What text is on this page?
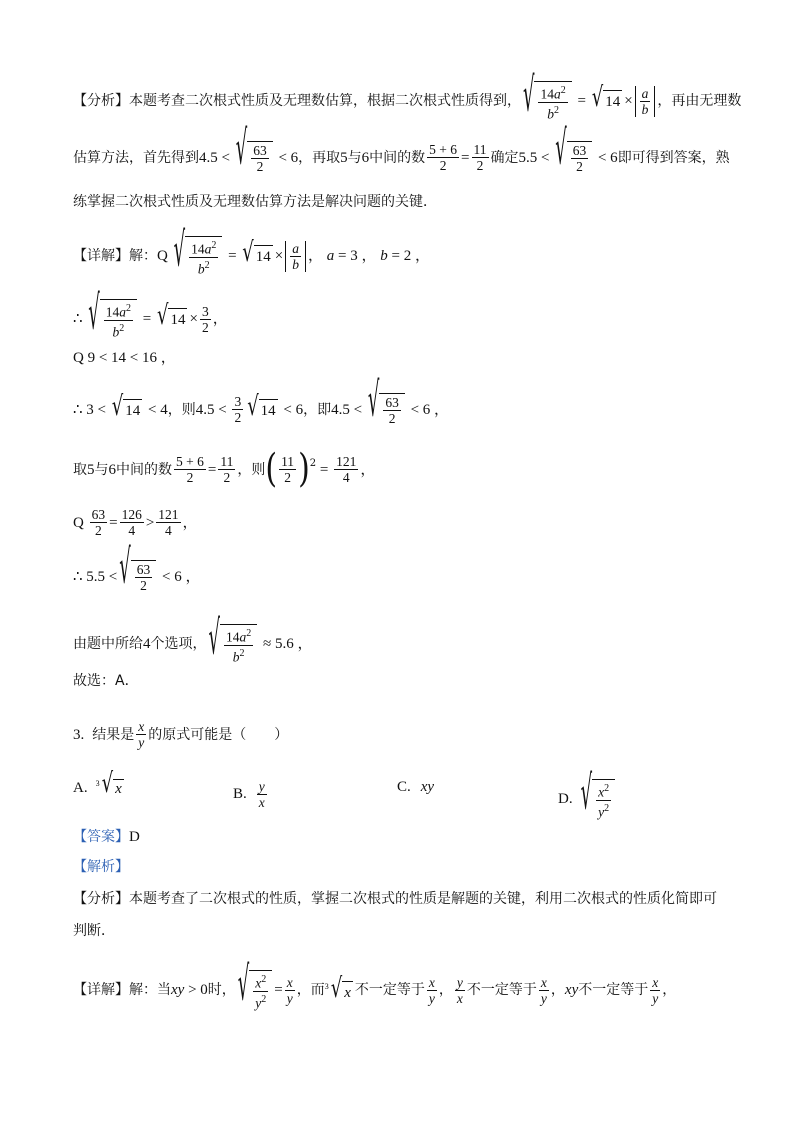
【分析】 本题考查二次根式性质及无理数估算，根据二次根式性质得到， √ $\frac{14a^2}{b^2}$ = √ $14 \times \frac{a}{b}$ ，再由无理数
估算方法，首先得到 4.5 < √ $\frac{63}{2} < 6$ ，再取 5 与 6 中间的数 $\frac{5 + 6}{2} = \frac{11}{2}$ 确定 5.5 < √ $\frac{63}{2} < 6$ 即可得到答案，熟
练掌握二次根式性质及无理数估算方法是解决问题的关键．
【详解】 解： Q √ $\frac{14a^2}{b^2}$ = √ $14 \times \frac{a}{b}$ ， a = 3 ， b = 2 ，
∴ √ $\frac{14a^2}{b^2}$ = √ $14 \times \frac{3}{2}$ ，
Q 9 < 14 < 16 ，
∴ 3 < √ 14 < 4 ，则 $4.5 < \frac{3}{2}$ √ 14 < 6 ，即 4.5 < √ $\frac{63}{2} < 6$ ，
取 5 与 6 中间的数 $\frac{5 + 6}{2} = \frac{11}{2}$ ，则 ( $\frac{11}{2}$ ) $2 = \frac{121}{4}$ ，
Q $\frac{63}{2} = \frac{126}{4} > \frac{121}{4}$ ，
∴ 5.5 < √ $\frac{63}{2} < 6$ ，
由题中所给 4 个选项， √ $\frac{14a^2}{b^2} \approx 5.6$ ，
故选：A．
3. 结果是 $\frac{x}{y}$ 的原式可能是（　　）
A. $^3$ √ x	B. $\frac{y}{x}$	C. xy
D. √ $\frac{x^2}{y^2}$
【答案】 D
【解析】
【分析】 本题考查了二次根式的性质，掌握二次根式的性质是解题的关键，利用二次根式的性质化简即可
判断．
【详解】 解：当 xy > 0 时， √ $\frac{x^2}{y^2} = \frac{x}{y}$ ，而 $^3$ √ x 不一定等于 $\frac{x}{y}$ ， $\frac{y}{x}$ 不一定等于 $\frac{x}{y}$ ， xy 不一定等于 $\frac{x}{y}$ ，
